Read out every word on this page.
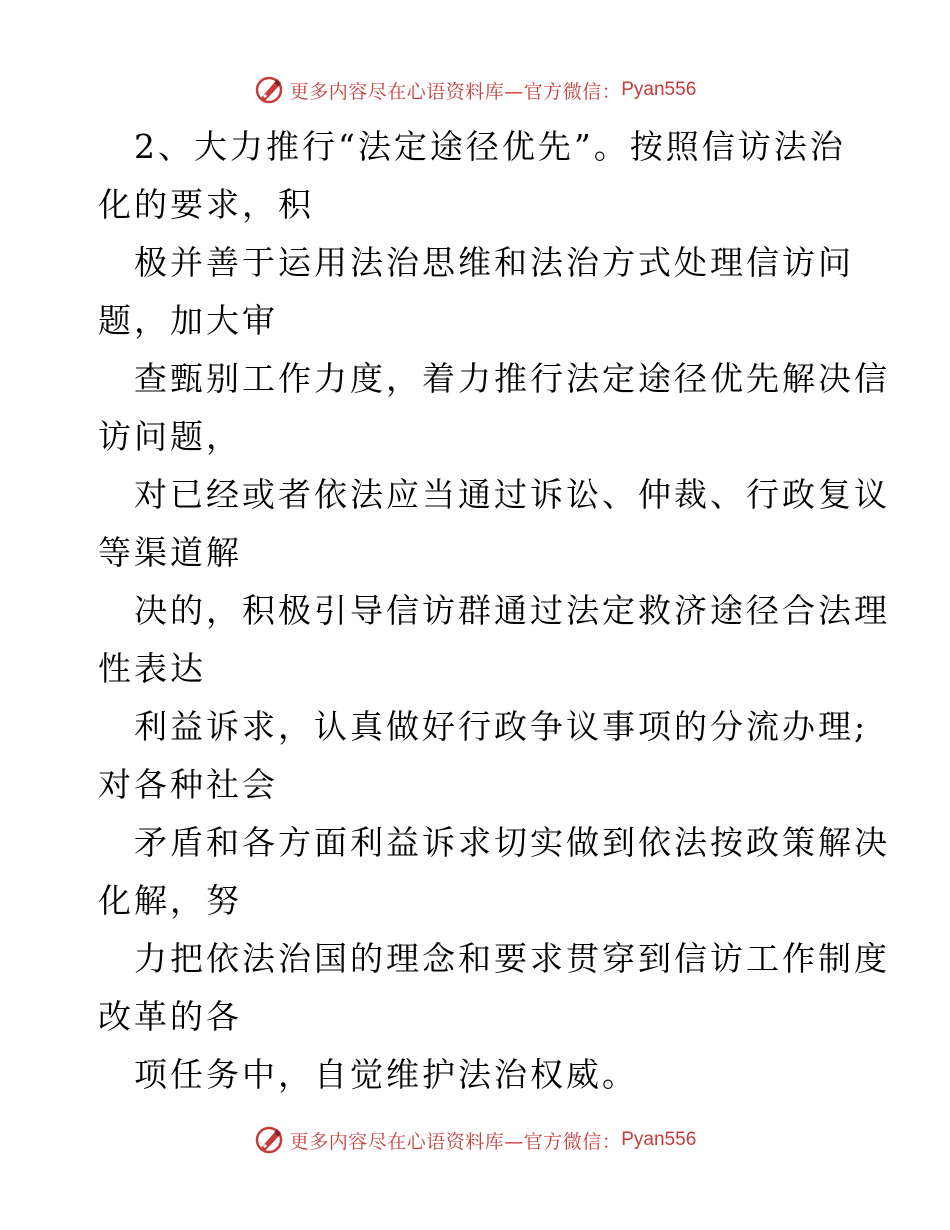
更多内容尽在心语资料库—官方微信： Pyan556
2、大力推行“法定途径优先”。按照信访法治
化的要求，积
极并善于运用法治思维和法治方式处理信访问
题，加大审
查甄别工作力度，着力推行法定途径优先解决信
访问题，
对已经或者依法应当通过诉讼、仲裁、行政复议
等渠道解
决的，积极引导信访群通过法定救济途径合法理
性表达
利益诉求，认真做好行政争议事项的分流办理;
对各种社会
矛盾和各方面利益诉求切实做到依法按政策解决
化解，努
力把依法治国的理念和要求贯穿到信访工作制度
改革的各
项任务中，自觉维护法治权威。
更多内容尽在心语资料库—官方微信： Pyan556
